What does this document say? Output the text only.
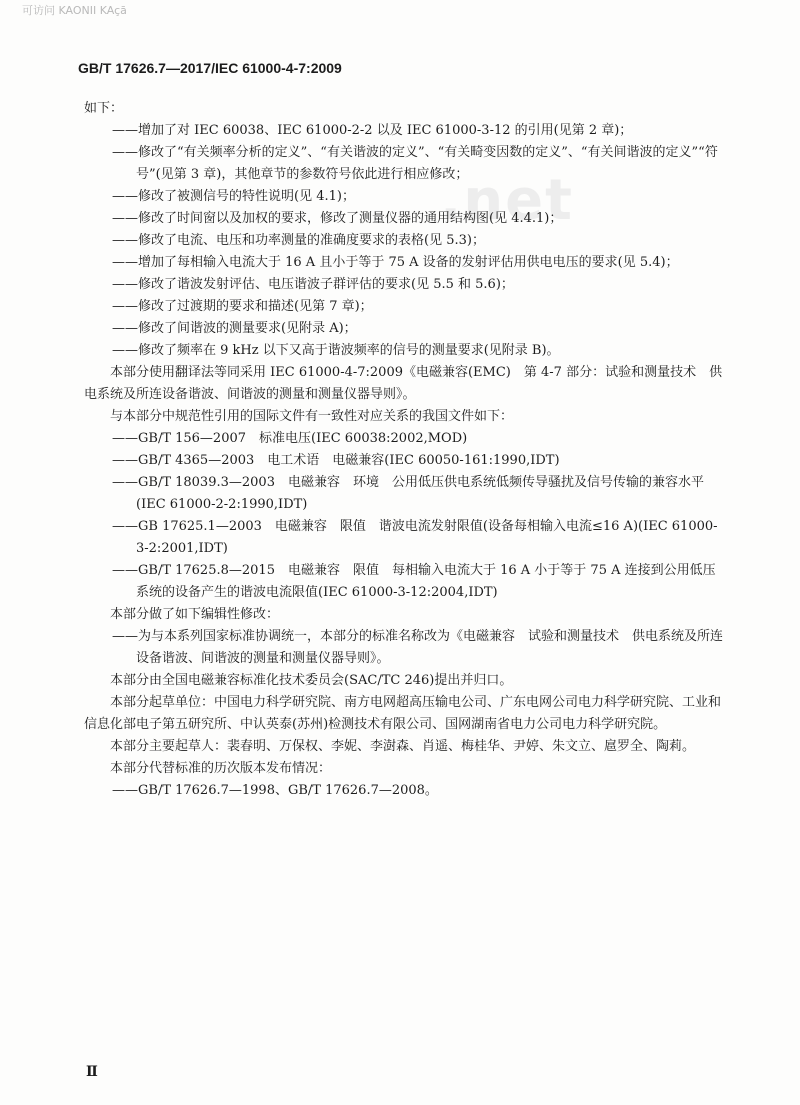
可访问 KAONII KAçā
.net
GB/T 17626.7—2017/IEC 61000-4-7:2009

如下：

——增加了对 IEC 60038、IEC 61000-2-2 以及 IEC 61000-3-12 的引用(见第 2 章)；

——修改了“有关频率分析的定义”、“有关谐波的定义”、“有关畸变因数的定义”、“有关间谐波的定义”“符号”(见第 3 章)，其他章节的参数符号依此进行相应修改；

——修改了被测信号的特性说明(见 4.1)；

——修改了时间窗以及加权的要求，修改了测量仪器的通用结构图(见 4.4.1)；

——修改了电流、电压和功率测量的准确度要求的表格(见 5.3)；

——增加了每相输入电流大于 16 A 且小于等于 75 A 设备的发射评估用供电电压的要求(见 5.4)；

——修改了谐波发射评估、电压谐波子群评估的要求(见 5.5 和 5.6)；

——修改了过渡期的要求和描述(见第 7 章)；

——修改了间谐波的测量要求(见附录 A)；

——修改了频率在 9 kHz 以下又高于谐波频率的信号的测量要求(见附录 B)。

本部分使用翻译法等同采用 IEC 61000-4-7:2009《电磁兼容(EMC)　第 4-7 部分：试验和测量技术　供电系统及所连设备谐波、间谐波的测量和测量仪器导则》。

与本部分中规范性引用的国际文件有一致性对应关系的我国文件如下：

——GB/T 156—2007　标准电压(IEC 60038:2002,MOD)

——GB/T 4365—2003　电工术语　电磁兼容(IEC 60050-161:1990,IDT)

——GB/T 18039.3—2003　电磁兼容　环境　公用低压供电系统低频传导骚扰及信号传输的兼容水平(IEC 61000-2-2:1990,IDT)

——GB 17625.1—2003　电磁兼容　限值　谐波电流发射限值(设备每相输入电流≤16 A)(IEC 61000-3-2:2001,IDT)

——GB/T 17625.8—2015　电磁兼容　限值　每相输入电流大于 16 A 小于等于 75 A 连接到公用低压系统的设备产生的谐波电流限值(IEC 61000-3-12:2004,IDT)

本部分做了如下编辑性修改：

——为与本系列国家标准协调统一，本部分的标准名称改为《电磁兼容　试验和测量技术　供电系统及所连设备谐波、间谐波的测量和测量仪器导则》。

本部分由全国电磁兼容标准化技术委员会(SAC/TC 246)提出并归口。

本部分起草单位：中国电力科学研究院、南方电网超高压输电公司、广东电网公司电力科学研究院、工业和信息化部电子第五研究所、中认英泰(苏州)检测技术有限公司、国网湖南省电力公司电力科学研究院。

本部分主要起草人：裴春明、万保权、李妮、李澍森、肖遥、梅桂华、尹婷、朱文立、扈罗全、陶莉。

本部分代替标准的历次版本发布情况：

——GB/T 17626.7—1998、GB/T 17626.7—2008。

Ⅱ
